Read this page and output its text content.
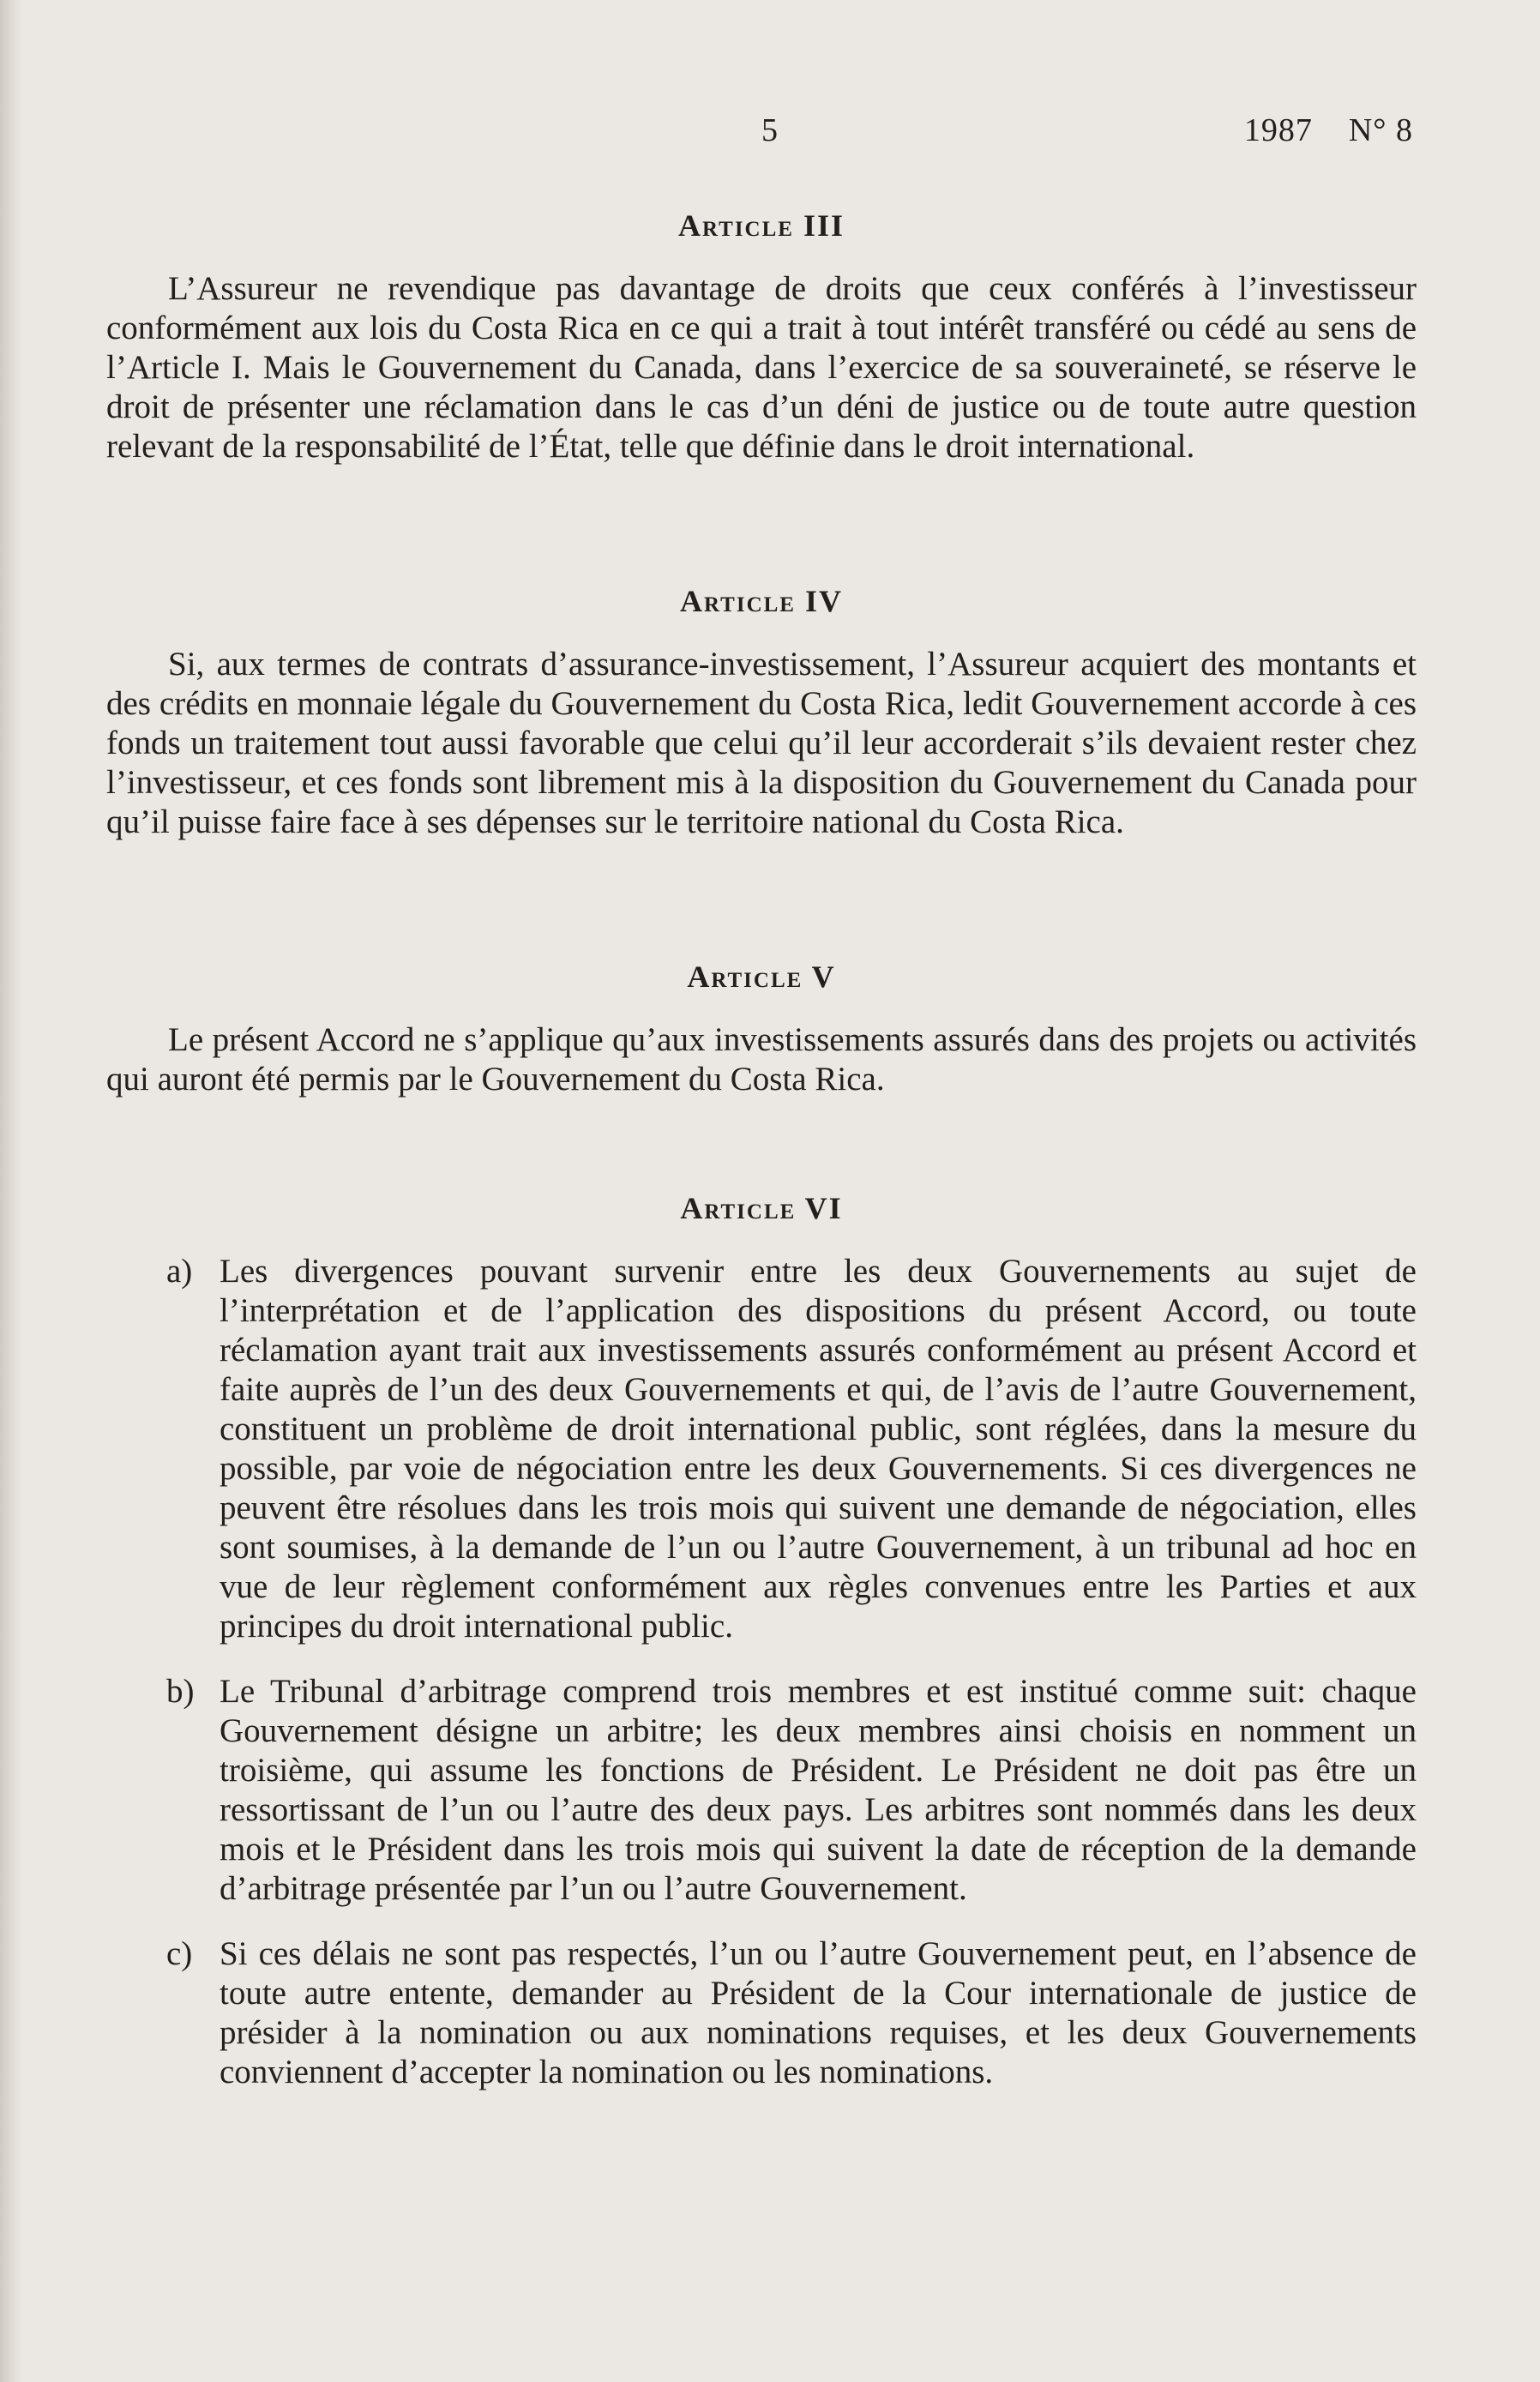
5	1987 N° 8
Article III

L’Assureur ne revendique pas davantage de droits que ceux conférés à l’investisseur conformément aux lois du Costa Rica en ce qui a trait à tout intérêt transféré ou cédé au sens de l’Article I. Mais le Gouvernement du Canada, dans l’exercice de sa souveraineté, se réserve le droit de présenter une réclamation dans le cas d’un déni de justice ou de toute autre question relevant de la responsabilité de l’État, telle que définie dans le droit international.

Article IV

Si, aux termes de contrats d’assurance-investissement, l’Assureur acquiert des montants et des crédits en monnaie légale du Gouvernement du Costa Rica, ledit Gouvernement accorde à ces fonds un traitement tout aussi favorable que celui qu’il leur accorderait s’ils devaient rester chez l’investisseur, et ces fonds sont librement mis à la disposition du Gouvernement du Canada pour qu’il puisse faire face à ses dépenses sur le territoire national du Costa Rica.

Article V

Le présent Accord ne s’applique qu’aux investissements assurés dans des projets ou activités qui auront été permis par le Gouvernement du Costa Rica.

Article VI
a) Les divergences pouvant survenir entre les deux Gouvernements au sujet de l’interprétation et de l’application des dispositions du présent Accord, ou toute réclamation ayant trait aux investissements assurés conformément au présent Accord et faite auprès de l’un des deux Gouvernements et qui, de l’avis de l’autre Gouvernement, constituent un problème de droit international public, sont réglées, dans la mesure du possible, par voie de négociation entre les deux Gouvernements. Si ces divergences ne peuvent être résolues dans les trois mois qui suivent une demande de négociation, elles sont soumises, à la demande de l’un ou l’autre Gouvernement, à un tribunal ad hoc en vue de leur règlement conformément aux règles convenues entre les Parties et aux principes du droit international public.
b) Le Tribunal d’arbitrage comprend trois membres et est institué comme suit: chaque Gouvernement désigne un arbitre; les deux membres ainsi choisis en nomment un troisième, qui assume les fonctions de Président. Le Président ne doit pas être un ressortissant de l’un ou l’autre des deux pays. Les arbitres sont nommés dans les deux mois et le Président dans les trois mois qui suivent la date de réception de la demande d’arbitrage présentée par l’un ou l’autre Gouvernement.
c) Si ces délais ne sont pas respectés, l’un ou l’autre Gouvernement peut, en l’absence de toute autre entente, demander au Président de la Cour internationale de justice de présider à la nomination ou aux nominations requises, et les deux Gouvernements conviennent d’accepter la nomination ou les nominations.
